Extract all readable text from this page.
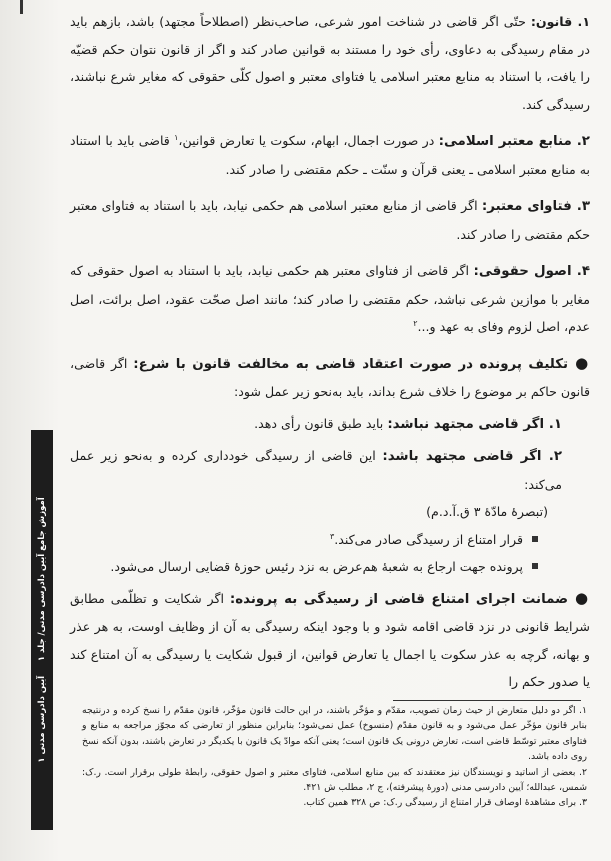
آموزش جامع آیین دادرسی مدنی/ جلد ۱     آیین دادرسی مدنی ۱

۱. قانون: حتّی اگر قاضی در شناخت امور شرعی، صاحب‌نظر (اصطلاحاً مجتهد) باشد، بازهم باید در مقام رسیدگی به دعاوی، رأی خود را مستند به قوانین صادر کند و اگر از قانون نتوان حکم قضیّه را یافت، با استناد به منابع معتبر اسلامی یا فتاوای معتبر و اصول کلّی حقوقی که مغایر شرع نباشند، رسیدگی کند.

۲. منابع معتبر اسلامی: در صورت اجمال، ابهام، سکوت یا تعارض قوانین،$^۱$ قاضی باید با استناد به منابع معتبر اسلامی ـ یعنی قرآن و سنّت ـ حکم مقتضی را صادر کند.

۳. فتاوای معتبر: اگر قاضی از منابع معتبر اسلامی هم حکمی نیابد، باید با استناد به فتاوای معتبر حکم مقتضی را صادر کند.

۴. اصول حقوقی: اگر قاضی از فتاوای معتبر هم حکمی نیابد، باید با استناد به اصول حقوقی که مغایر با موازین شرعی نباشد، حکم مقتضی را صادر کند؛ مانند اصل صحّت عقود، اصل برائت، اصل عدم، اصل لزوم وفای به عهد و...$^۲$

●تکلیف پرونده در صورت اعتقاد قاضی به مخالفت قانون با شرع: اگر قاضی، قانون حاکم بر موضوع را خلاف شرع بداند، باید به‌نحو زیر عمل شود:

۱. اگر قاضی مجتهد نباشد: باید طبق قانون رأی دهد.

۲. اگر قاضی مجتهد باشد: این قاضی از رسیدگی خودداری کرده و به‌نحو زیر عمل می‌کند:

(تبصرهٔ مادّهٔ ۳ ق.آ.د.م)

قرار امتناع از رسیدگی صادر می‌کند.$^۳$

پرونده جهت ارجاع به شعبهٔ هم‌عرض به نزد رئیس حوزهٔ قضایی ارسال می‌شود.

●ضمانت اجرای امتناع قاضی از رسیدگی به پرونده: اگر شکایت و تظلّمی مطابق شرایط قانونی در نزد قاضی اقامه شود و با وجود اینکه رسیدگی به آن از وظایف اوست، به هر عذر و بهانه، گرچه به عذر سکوت یا اجمال یا تعارض قوانین، از قبول شکایت یا رسیدگی به آن امتناع کند یا صدور حکم را

۱. اگر دو دلیل متعارض از حیث زمان تصویب، مقدّم و مؤخّر باشند، در این حالت قانون مؤخّر، قانون مقدّم را نسخ کرده و درنتیجه بنابر قانون مؤخّر عمل می‌شود و به قانون مقدّم (منسوخ) عمل نمی‌شود؛ بنابراین منظور از تعارضی که مجوّز مراجعه به منابع و فتاوای معتبر توسّط قاضی است، تعارض درونی یک قانون است؛ یعنی آنکه موادّ یک قانون با یکدیگر در تعارض باشند، بدون آنکه نسخ روی داده باشد.

۲. بعضی از اساتید و نویسندگان نیز معتقدند که بین منابع اسلامی، فتاوای معتبر و اصول حقوقی، رابطهٔ طولی برقرار است. ر.ک: شمس، عبدالله؛ آیین دادرسی مدنی (دورهٔ پیشرفته)، ج ۲، مطلب ش ۴۲۱.

۳. برای مشاهدهٔ اوصاف قرار امتناع از رسیدگی ر.ک: ص ۳۲۸ همین کتاب.
